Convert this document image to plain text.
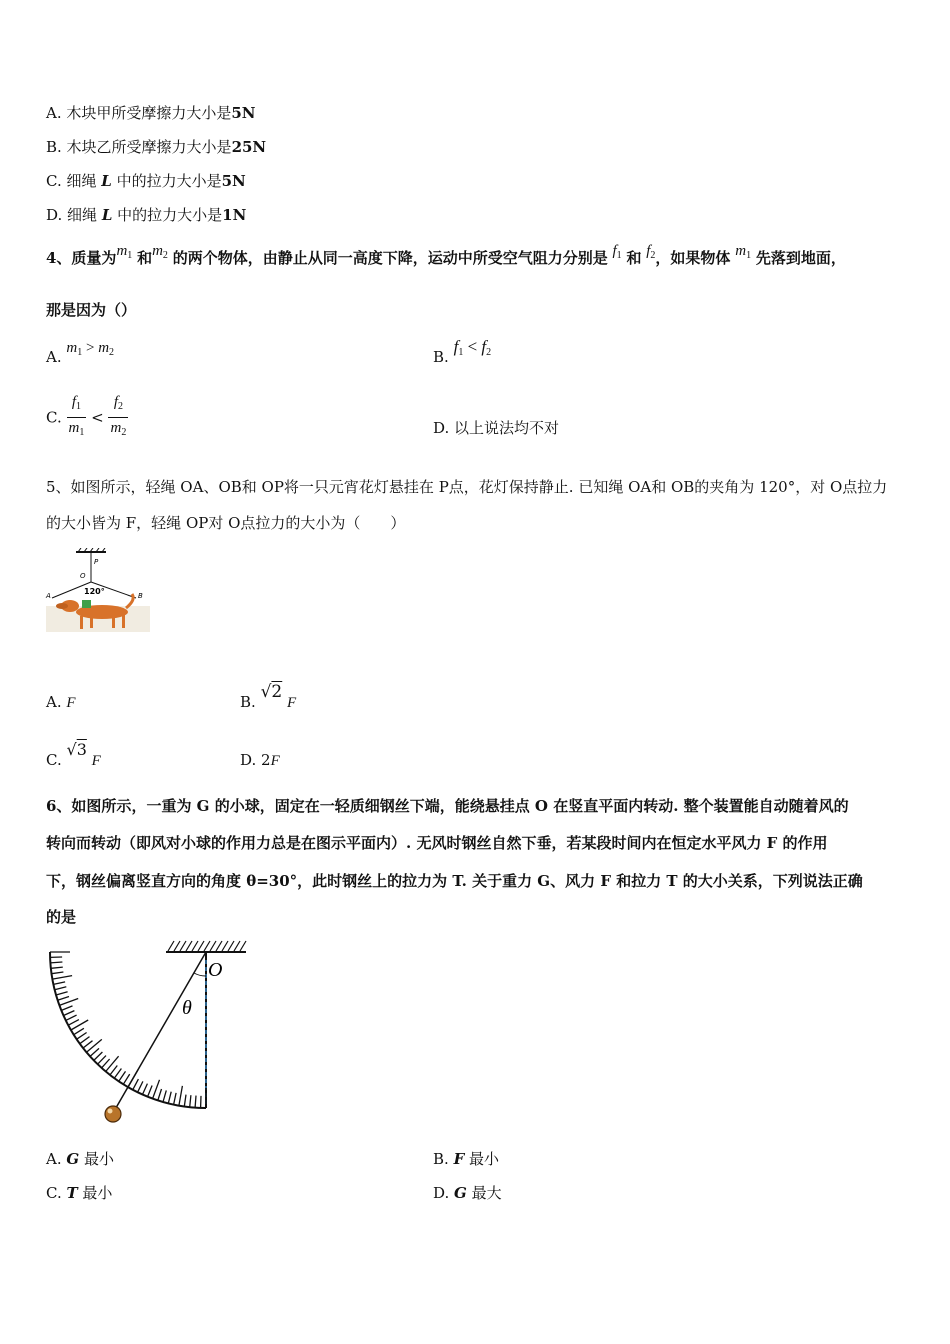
A. 木块甲所受摩擦力大小是5N
B. 木块乙所受摩擦力大小是25N
C. 细绳 L 中的拉力大小是5N
D. 细绳 L 中的拉力大小是1N
4、质量为$m_1$ 和$m_2$ 的两个物体，由静止从同一高度下降，运动中所受空气阻力分别是 $f_1$ 和 $f_2$，如果物体 $m_1$ 先落到地面，
那是因为（）
A. $m_1 > m_2$	B. $f_1 < f_2$
C. $\frac{f_1}{m_1} < \frac{f_2}{m_2}$	D. 以上说法均不对
5、如图所示，轻绳 OA、OB和 OP将一只元宵花灯悬挂在 P点，花灯保持静止. 已知绳 OA和 OB的夹角为 120°，对 O点拉力
的大小皆为 F，轻绳 OP对 O点拉力的大小为（　　）
P
O
A	B
120°
A. F	B. √2 F
C. √3 F	D. 2F
6、如图所示，一重为 G 的小球，固定在一轻质细钢丝下端，能绕悬挂点 O 在竖直平面内转动. 整个装置能自动随着风的
转向而转动（即风对小球的作用力总是在图示平面内）. 无风时钢丝自然下垂，若某段时间内在恒定水平风力 F 的作用
下，钢丝偏离竖直方向的角度 θ=30°，此时钢丝上的拉力为 T. 关于重力 G、风力 F 和拉力 T 的大小关系，下列说法正确
的是
O
θ
A. G 最小	B. F 最小
C. T 最小	D. G 最大
